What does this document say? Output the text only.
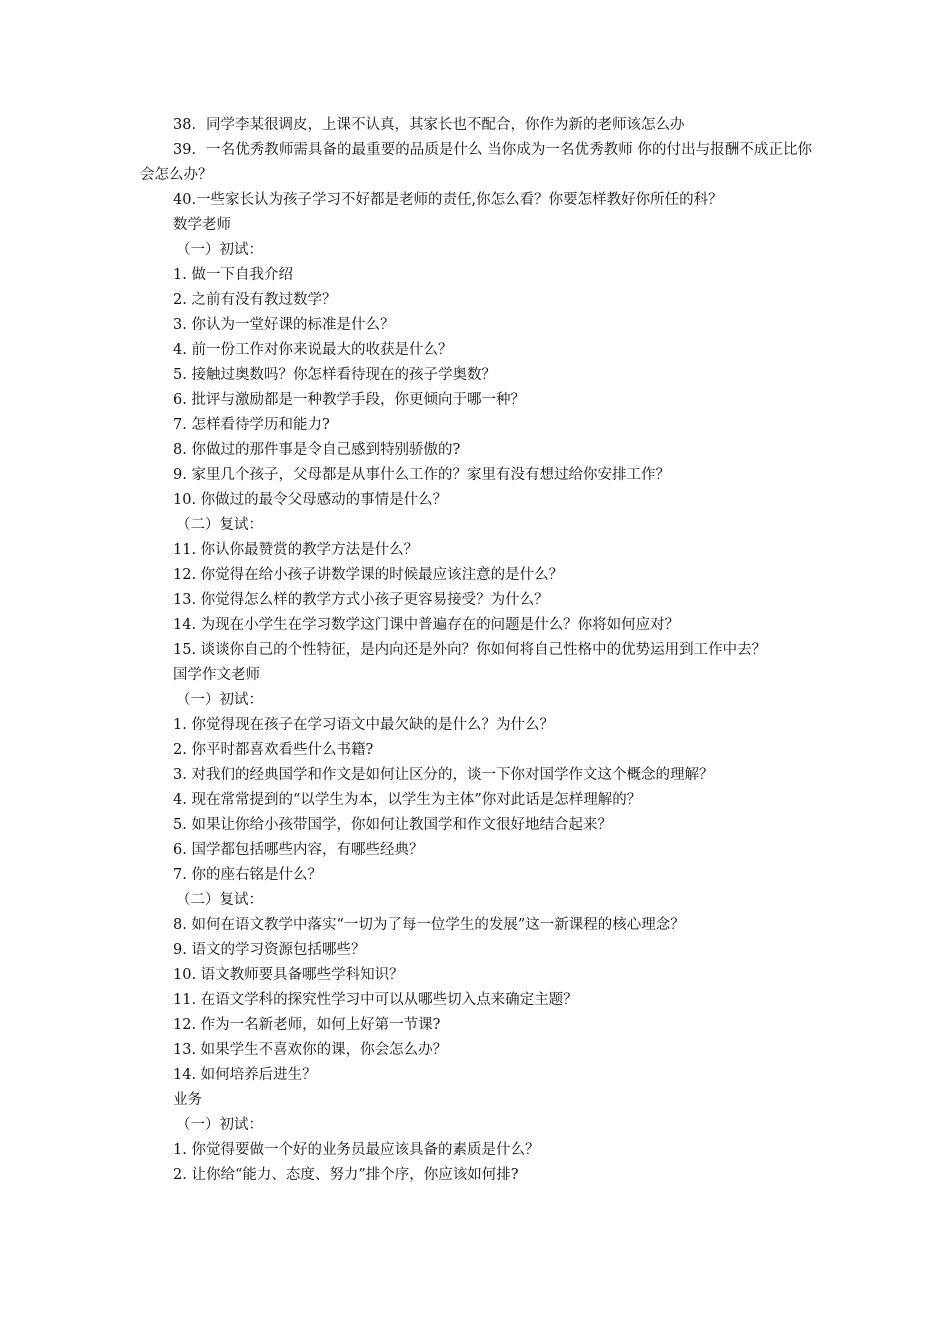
38．同学李某很调皮，上课不认真，其家长也不配合，你作为新的老师该怎么办
39．一名优秀教师需具备的最重要的品质是什么 当你成为一名优秀教师 你的付出与报酬不成正比你会怎么办？
40.一些家长认为孩子学习不好都是老师的责任,你怎么看？你要怎样教好你所任的科？
数学老师
（一）初试：
1. 做一下自我介绍
2. 之前有没有教过数学？
3. 你认为一堂好课的标准是什么？
4. 前一份工作对你来说最大的收获是什么？
5. 接触过奥数吗？你怎样看待现在的孩子学奥数？
6. 批评与激励都是一种教学手段，你更倾向于哪一种？
7. 怎样看待学历和能力?
8. 你做过的那件事是令自己感到特别骄傲的?
9. 家里几个孩子，父母都是从事什么工作的？家里有没有想过给你安排工作？
10. 你做过的最令父母感动的事情是什么？
（二）复试：
11. 你认你最赞赏的教学方法是什么？
12. 你觉得在给小孩子讲数学课的时候最应该注意的是什么？
13. 你觉得怎么样的教学方式小孩子更容易接受？为什么？
14. 为现在小学生在学习数学这门课中普遍存在的问题是什么？你将如何应对？
15. 谈谈你自己的个性特征，是内向还是外向？你如何将自己性格中的优势运用到工作中去？
国学作文老师
（一）初试：
1. 你觉得现在孩子在学习语文中最欠缺的是什么？为什么？
2. 你平时都喜欢看些什么书籍?
3. 对我们的经典国学和作文是如何让区分的，谈一下你对国学作文这个概念的理解？
4. 现在常常提到的“以学生为本，以学生为主体”你对此话是怎样理解的？
5. 如果让你给小孩带国学，你如何让教国学和作文很好地结合起来？
6. 国学都包括哪些内容，有哪些经典？
7. 你的座右铭是什么？
（二）复试：
8. 如何在语文教学中落实“一切为了每一位学生的发展”这一新课程的核心理念？
9. 语文的学习资源包括哪些？
10. 语文教师要具备哪些学科知识？
11. 在语文学科的探究性学习中可以从哪些切入点来确定主题？
12. 作为一名新老师，如何上好第一节课?
13. 如果学生不喜欢你的课，你会怎么办？
14. 如何培养后进生？
业务
（一）初试：
1. 你觉得要做一个好的业务员最应该具备的素质是什么？
2. 让你给“能力、态度、努力”排个序，你应该如何排?
